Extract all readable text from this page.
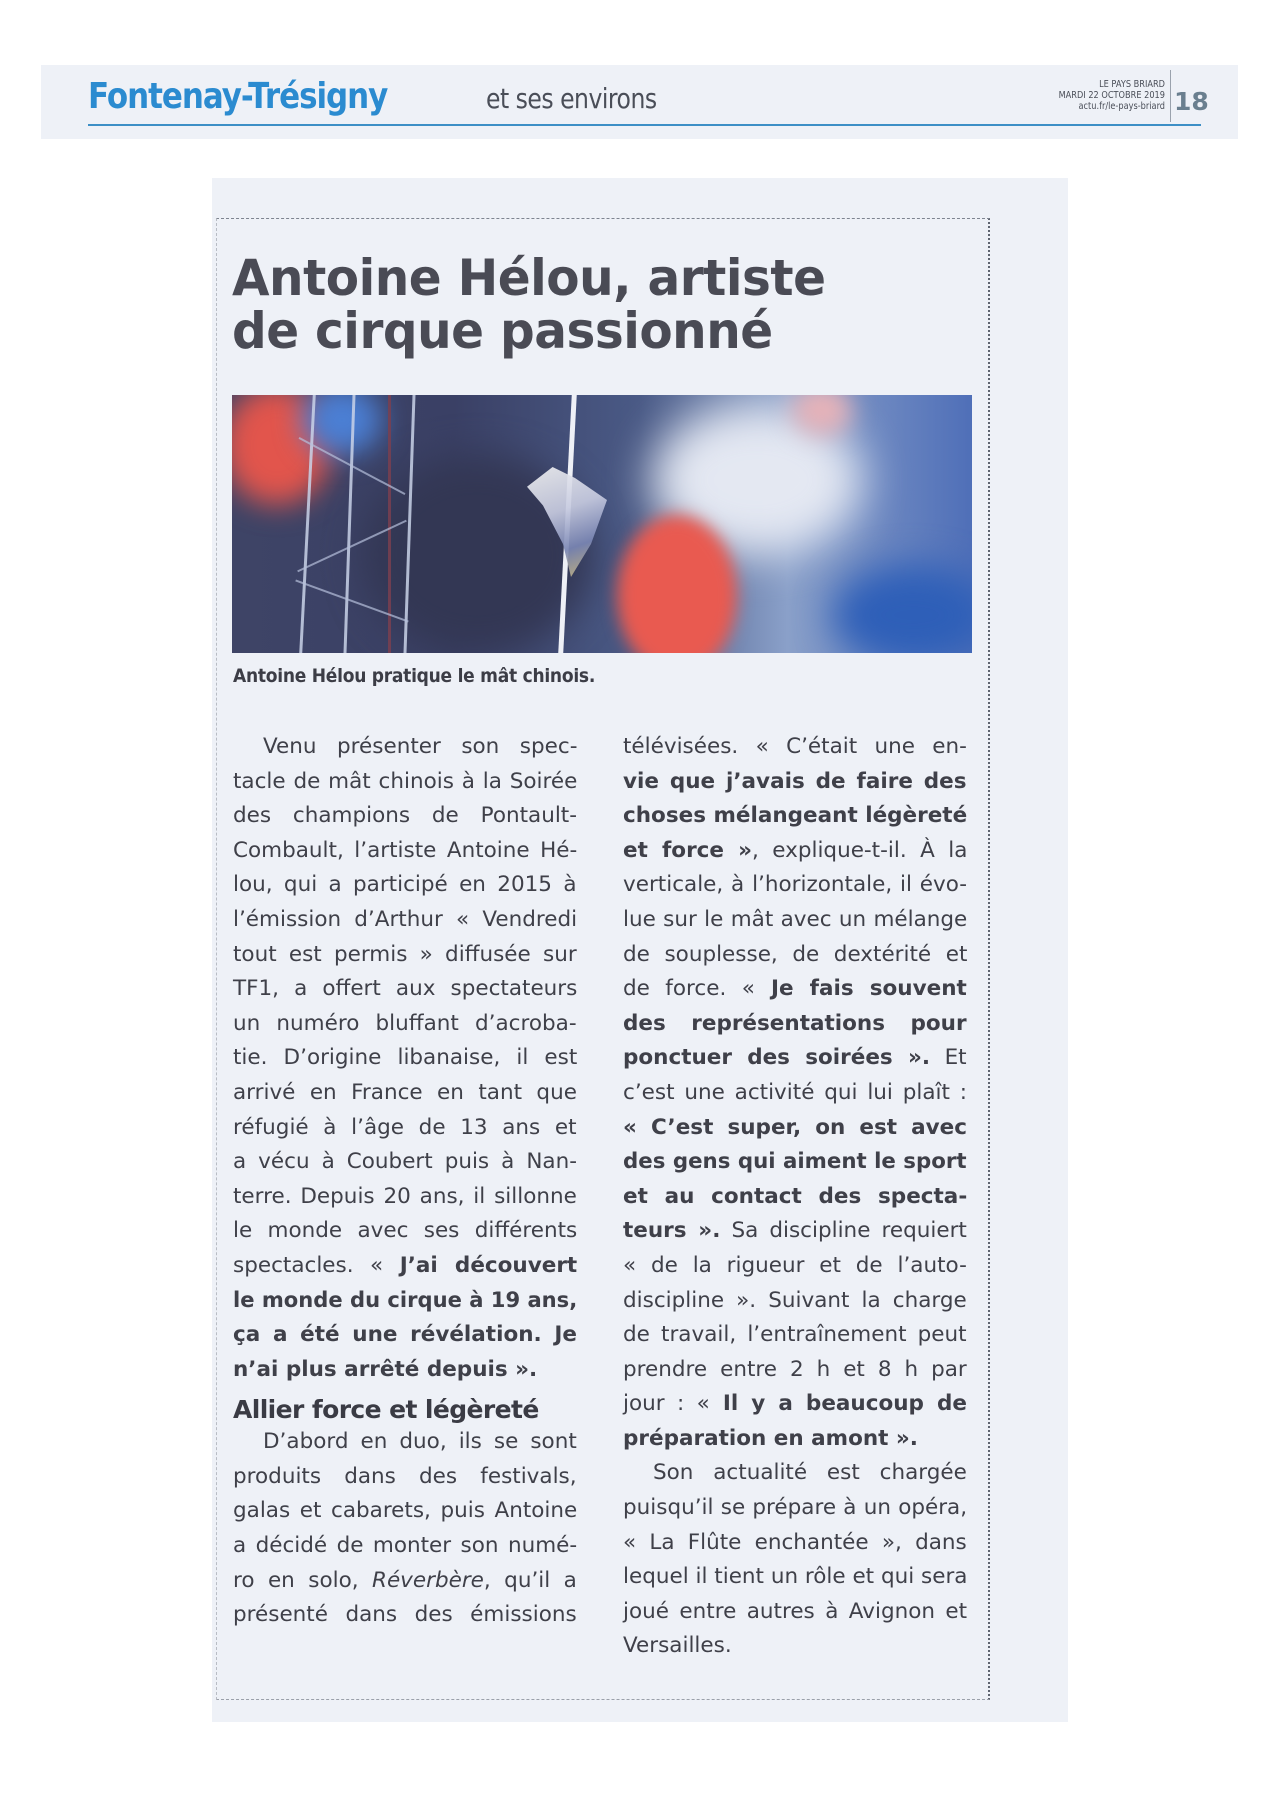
Fontenay-Trésigny	et ses environs	LE PAYS BRIARD
MARDI 22 OCTOBRE 2019
actu.fr/le-pays-briard 18
Antoine Hélou, artiste
de cirque passionné
Antoine Hélou pratique le mât chinois.
Venu présenter son spec-
tacle de mât chinois à la Soirée
des champions de Pontault-
Combault, l’artiste Antoine Hé-
lou, qui a participé en 2015 à
l’émission d’Arthur « Vendredi
tout est permis » diffusée sur
TF1, a offert aux spectateurs
un numéro bluffant d’acroba-
tie. D’origine libanaise, il est
arrivé en France en tant que
réfugié à l’âge de 13 ans et
a vécu à Coubert puis à Nan-
terre. Depuis 20 ans, il sillonne
le monde avec ses différents
spectacles. « J’ai découvert
le monde du cirque à 19 ans,
ça a été une révélation. Je
n’ai plus arrêté depuis ».
Allier force et légèreté
D’abord en duo, ils se sont
produits dans des festivals,
galas et cabarets, puis Antoine
a décidé de monter son numé-
ro en solo, Réverbère, qu’il a
présenté dans des émissions
télévisées. « C’était une en-
vie que j’avais de faire des
choses mélangeant légèreté
et force », explique-t-il. À la
verticale, à l’horizontale, il évo-
lue sur le mât avec un mélange
de souplesse, de dextérité et
de force. « Je fais souvent
des représentations pour
ponctuer des soirées ». Et
c’est une activité qui lui plaît :
« C’est super, on est avec
des gens qui aiment le sport
et au contact des specta-
teurs ». Sa discipline requiert
« de la rigueur et de l’auto-
discipline ». Suivant la charge
de travail, l’entraînement peut
prendre entre 2 h et 8 h par
jour : « Il y a beaucoup de
préparation en amont ».
Son actualité est chargée
puisqu’il se prépare à un opéra,
« La Flûte enchantée », dans
lequel il tient un rôle et qui sera
joué entre autres à Avignon et
Versailles.
